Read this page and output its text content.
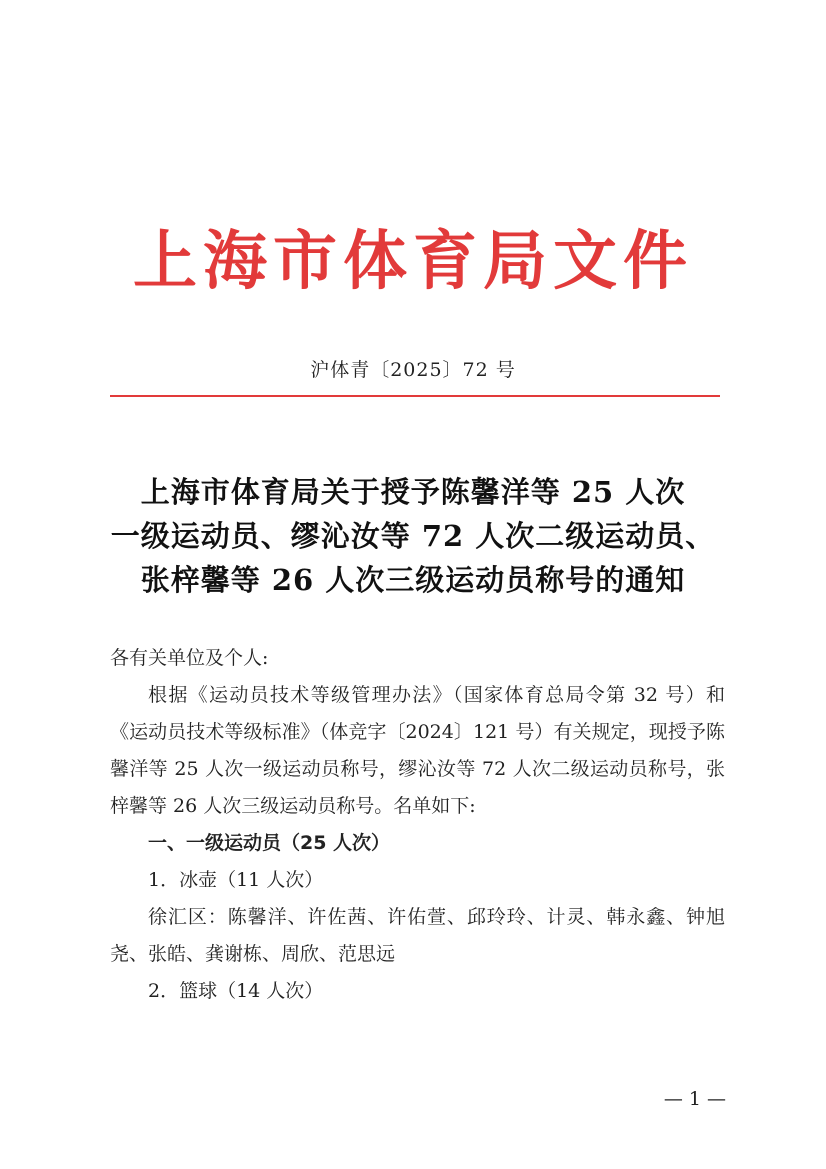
上海市体育局文件
沪体青〔2025〕72 号
上海市体育局关于授予陈馨洋等 25 人次
一级运动员、缪沁汝等 72 人次二级运动员、
张梓馨等 26 人次三级运动员称号的通知

各有关单位及个人:

根据《运动员技术等级管理办法》（国家体育总局令第 32 号）和《运动员技术等级标准》（体竞字〔2024〕121 号）有关规定，现授予陈馨洋等 25 人次一级运动员称号，缪沁汝等 72 人次二级运动员称号，张梓馨等 26 人次三级运动员称号。名单如下:

一、一级运动员（25 人次）

1．冰壶（11 人次）

徐汇区：陈馨洋、许佐茜、许佑萱、邱玲玲、计灵、韩永鑫、钟旭尧、张皓、龚谢栋、周欣、范思远

2．篮球（14 人次）

— 1 —
